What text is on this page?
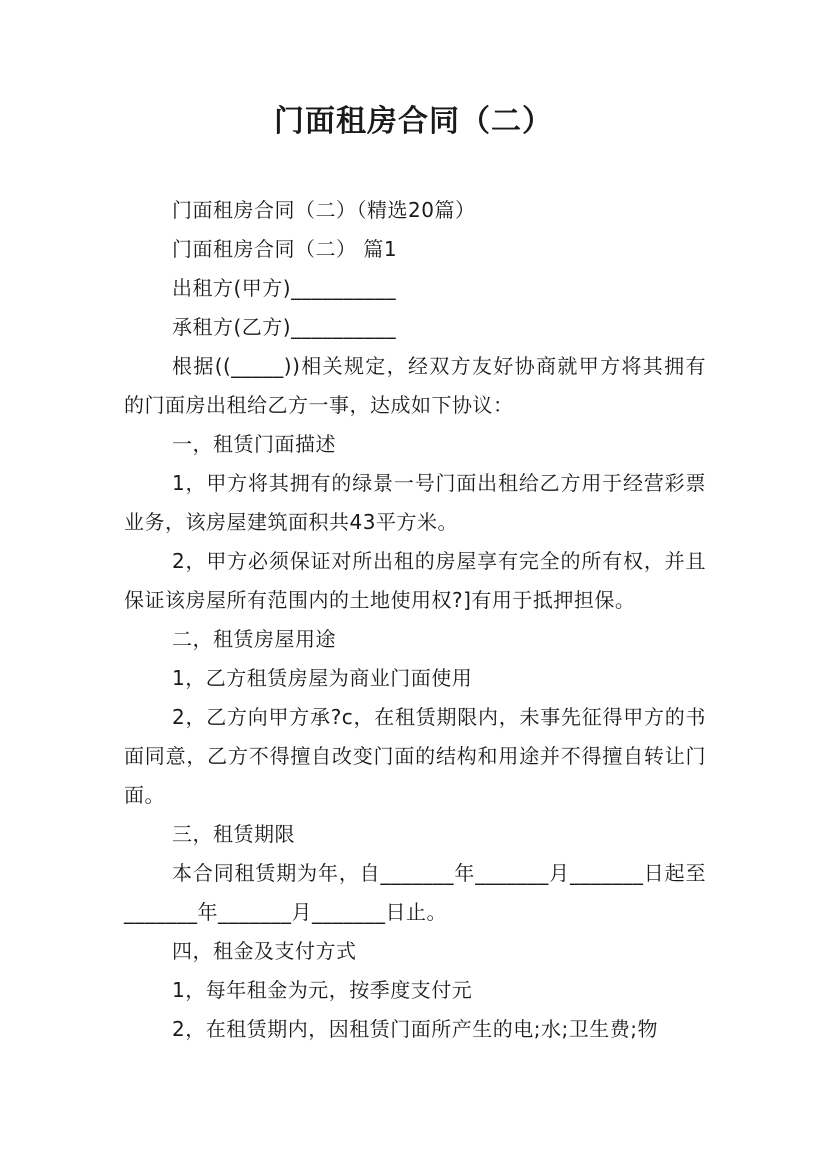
门面租房合同（二）

门面租房合同（二）（精选20篇）

门面租房合同（二） 篇1

出租方(甲方)__________

承租方(乙方)__________

根据((_____))相关规定，经双方友好协商就甲方将其拥有的门面房出租给乙方一事，达成如下协议：

一，租赁门面描述

1，甲方将其拥有的绿景一号门面出租给乙方用于经营彩票业务，该房屋建筑面积共43平方米。

2，甲方必须保证对所出租的房屋享有完全的所有权，并且保证该房屋所有范围内的土地使用权?]有用于抵押担保。

二，租赁房屋用途

1，乙方租赁房屋为商业门面使用

2，乙方向甲方承?c，在租赁期限内，未事先征得甲方的书面同意，乙方不得擅自改变门面的结构和用途并不得擅自转让门面。

三，租赁期限

本合同租赁期为年，自_______年_______月_______日起至_______年_______月_______日止。

四，租金及支付方式

1，每年租金为元，按季度支付元

2，在租赁期内，因租赁门面所产生的电;水;卫生费;物
